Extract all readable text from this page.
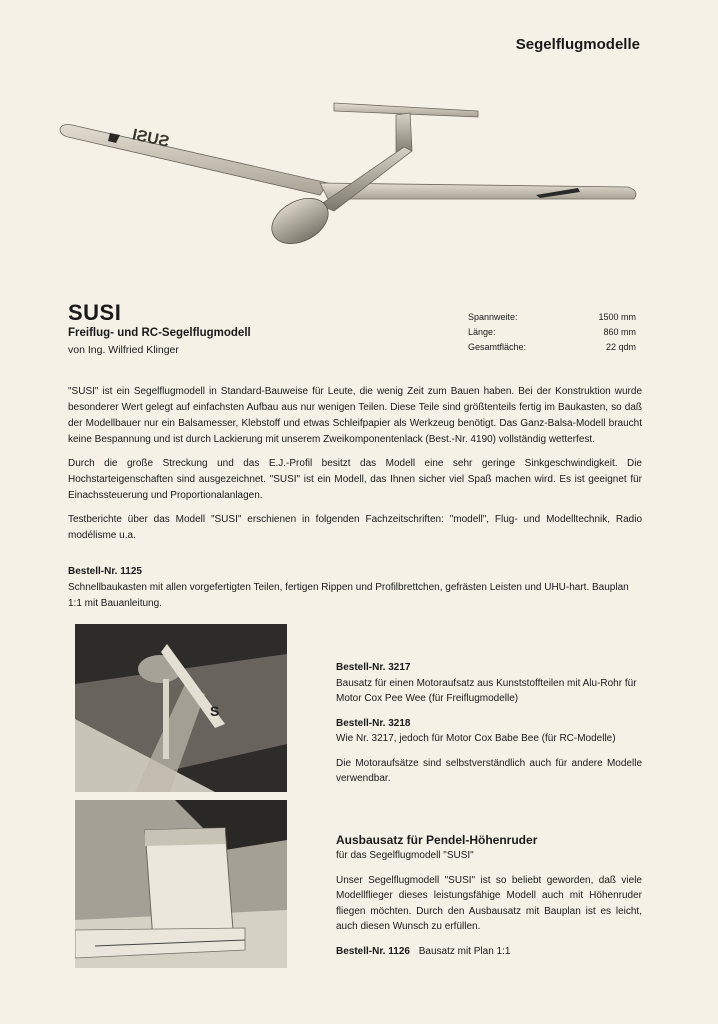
Segelflugmodelle
SUSI
SUSI
Freiflug- und RC-Segelflugmodell
von Ing. Wilfried Klinger
Spannweite:	1500 mm
Länge:	860 mm
Gesamtfläche:	22 qdm

"SUSI" ist ein Segelflugmodell in Standard-Bauweise für Leute, die wenig Zeit zum Bauen haben. Bei der Konstruktion wurde besonderer Wert gelegt auf einfachsten Aufbau aus nur wenigen Teilen. Diese Teile sind größtenteils fertig im Baukasten, so daß der Modellbauer nur ein Balsamesser, Klebstoff und etwas Schleifpapier als Werkzeug benötigt. Das Ganz-Balsa-Modell braucht keine Bespannung und ist durch Lackierung mit unserem Zweikomponentenlack (Best.-Nr. 4190) vollständig wetterfest.

Durch die große Streckung und das E.J.-Profil besitzt das Modell eine sehr geringe Sinkgeschwindigkeit. Die Hochstarteigenschaften sind ausgezeichnet. "SUSI" ist ein Modell, das Ihnen sicher viel Spaß machen wird. Es ist geeignet für Einachssteuerung und Proportionalanlagen.

Testberichte über das Modell "SUSI" erschienen in folgenden Fachzeitschriften: "modell", Flug- und Modelltechnik, Radio modélisme u.a.

Bestell-Nr. 1125
Schnellbaukasten mit allen vorgefertigten Teilen, fertigen Rippen und Profilbrettchen, gefrästen Leisten und UHU-hart. Bauplan 1:1 mit Bauanleitung.
S

Bestell-Nr. 3217

Bausatz für einen Motoraufsatz aus Kunststoffteilen mit Alu-Rohr für Motor Cox Pee Wee (für Freiflugmodelle)

Bestell-Nr. 3218

Wie Nr. 3217, jedoch für Motor Cox Babe Bee (für RC-Modelle)

Die Motoraufsätze sind selbstverständlich auch für andere Modelle verwendbar.

Ausbausatz für Pendel-Höhenruder

für das Segelflugmodell "SUSI"

Unser Segelflugmodell "SUSI" ist so beliebt geworden, daß viele Modellflieger dieses leistungsfähige Modell auch mit Höhenruder fliegen möchten. Durch den Ausbausatz mit Bauplan ist es leicht, auch diesen Wunsch zu erfüllen.

Bestell-Nr. 1126 Bausatz mit Plan 1:1
